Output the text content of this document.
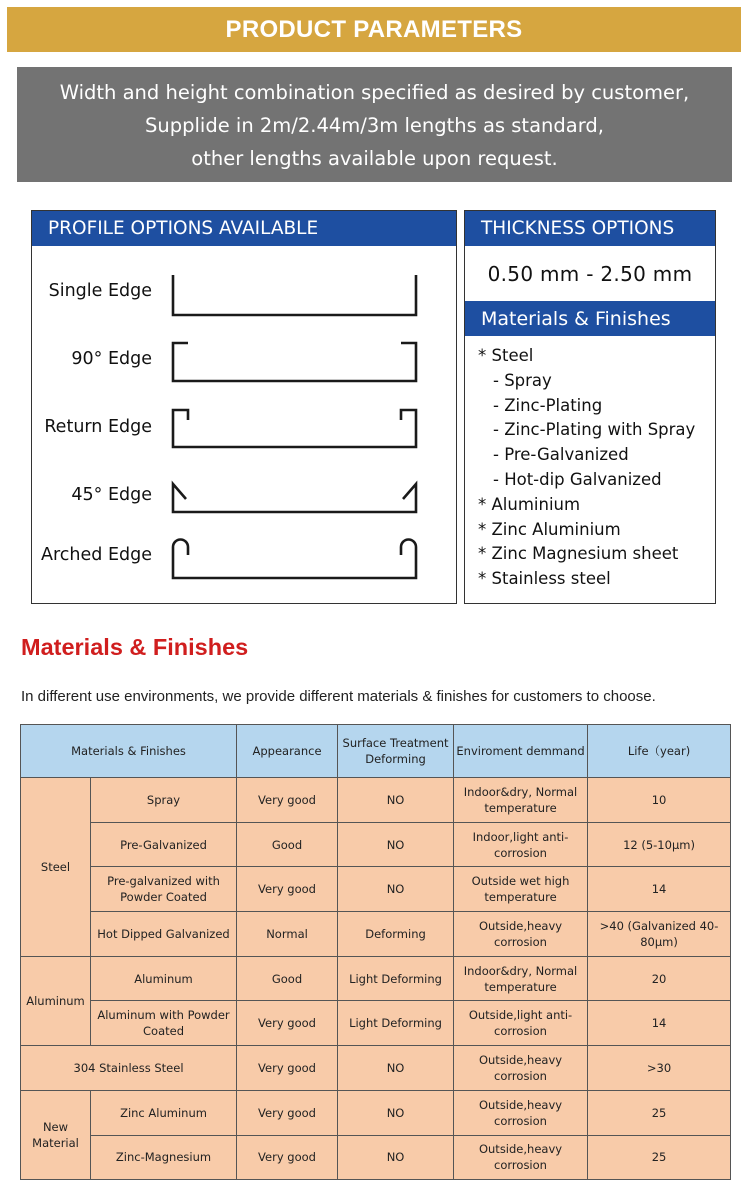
PRODUCT PARAMETERS
Width and height combination specified as desired by customer,
Supplide in 2m/2.44m/3m lengths as standard,
other lengths available upon request.
PROFILE OPTIONS AVAILABLE
Single Edge
90° Edge
Return Edge
45° Edge
Arched Edge
THICKNESS OPTIONS
0.50 mm - 2.50 mm
Materials & Finishes
* Steel
- Spray
- Zinc-Plating
- Zinc-Plating with Spray
- Pre-Galvanized
- Hot-dip Galvanized
* Aluminium
* Zinc Aluminium
* Zinc Magnesium sheet
* Stainless steel
Materials & Finishes
In different use environments, we provide different materials & finishes for customers to choose.
Materials & Finishes		Appearance	Surface Treatment Deforming	Enviroment demmand	Life（year)
Steel	Spray	Very good	NO	Indoor&dry, Normal temperature	10
	Pre-Galvanized	Good	NO	Indoor,light anti-corrosion	12 (5-10μm)
	Pre-galvanized with Powder Coated	Very good	NO	Outside wet high temperature	14
	Hot Dipped Galvanized	Normal	Deforming	Outside,heavy corrosion	>40 (Galvanized 40-80μm)
Aluminum	Aluminum	Good	Light Deforming	Indoor&dry, Normal temperature	20
	Aluminum with Powder Coated	Very good	Light Deforming	Outside,light anti-corrosion	14
304 Stainless Steel		Very good	NO	Outside,heavy corrosion	>30
New Material	Zinc Aluminum	Very good	NO	Outside,heavy corrosion	25
	Zinc-Magnesium	Very good	NO	Outside,heavy corrosion	25
